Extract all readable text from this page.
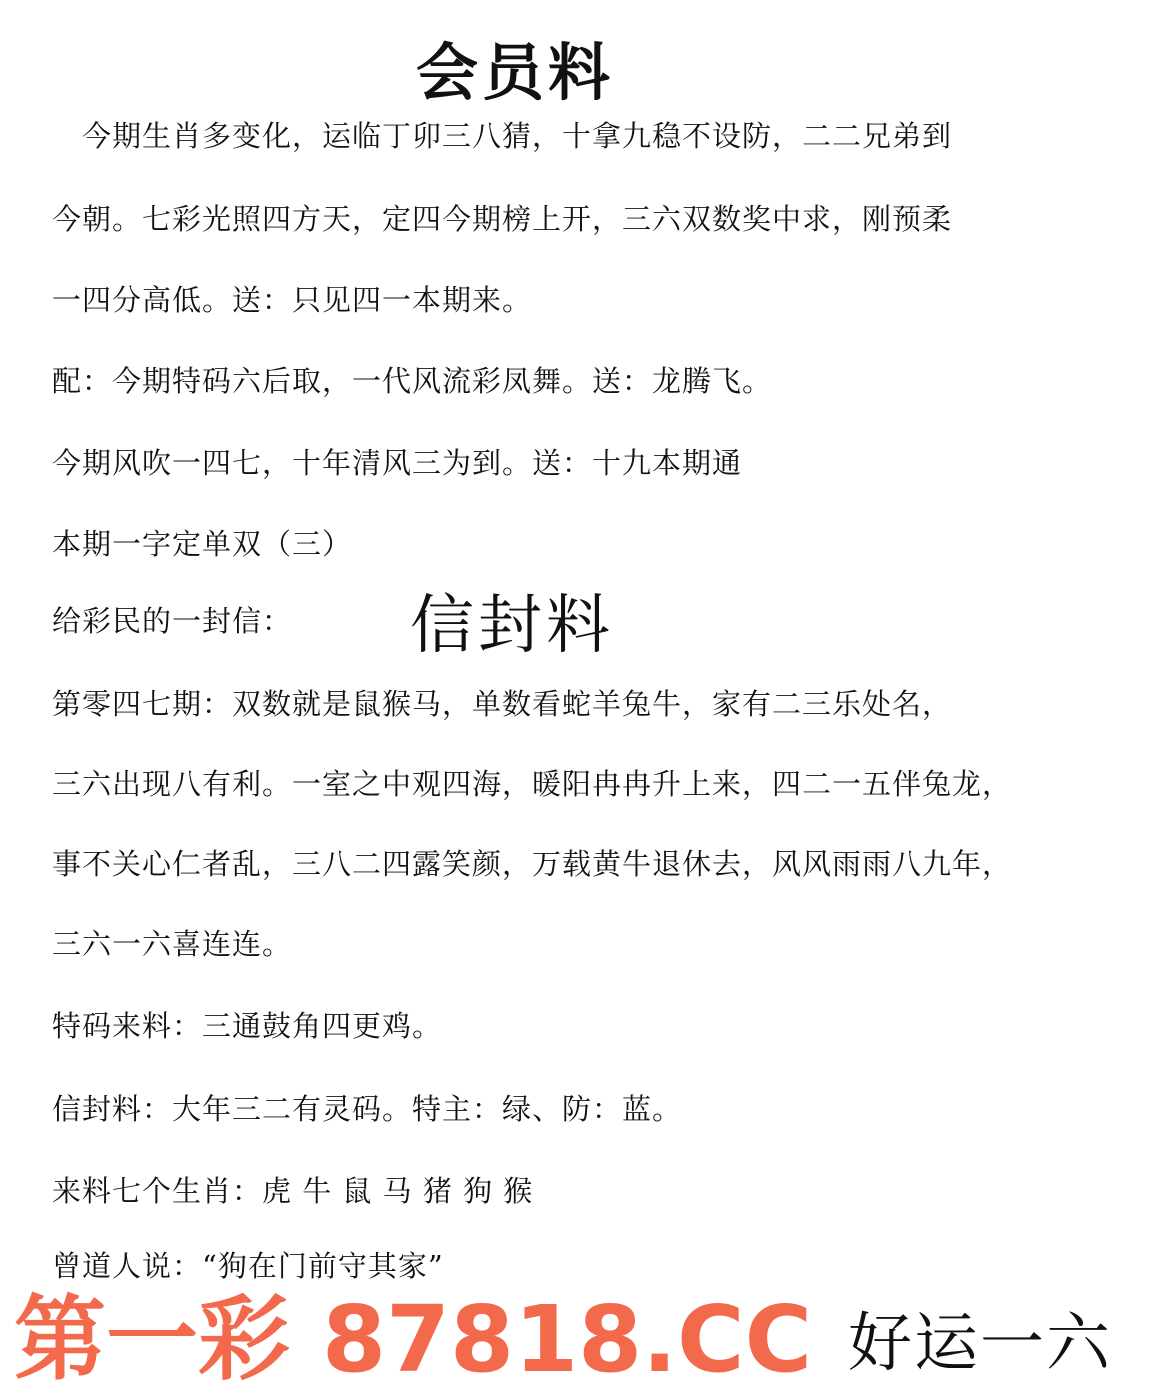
会员料
　今期生肖多变化，运临丁卯三八猜，十拿九稳不设防，二二兄弟到
今朝。七彩光照四方天，定四今期榜上开，三六双数奖中求，刚预柔
一四分高低。送：只见四一本期来。
配：今期特码六后取，一代风流彩凤舞。送：龙腾飞。
今期风吹一四七，十年清风三为到。送：十九本期通
本期一字定单双（三）
给彩民的一封信： 信封料
第零四七期：双数就是鼠猴马，单数看蛇羊兔牛，家有二三乐处名，
三六出现八有利。一室之中观四海，暖阳冉冉升上来，四二一五伴兔龙，
事不关心仁者乱，三八二四露笑颜，万载黄牛退休去，风风雨雨八九年，
三六一六喜连连。
特码来料：三通鼓角四更鸡。
信封料：大年三二有灵码。特主：绿、防：蓝。
来料七个生肖：虎 牛 鼠 马 猪 狗 猴
曾道人说：“狗在门前守其家”
第一彩 87818.CC 好运一六
